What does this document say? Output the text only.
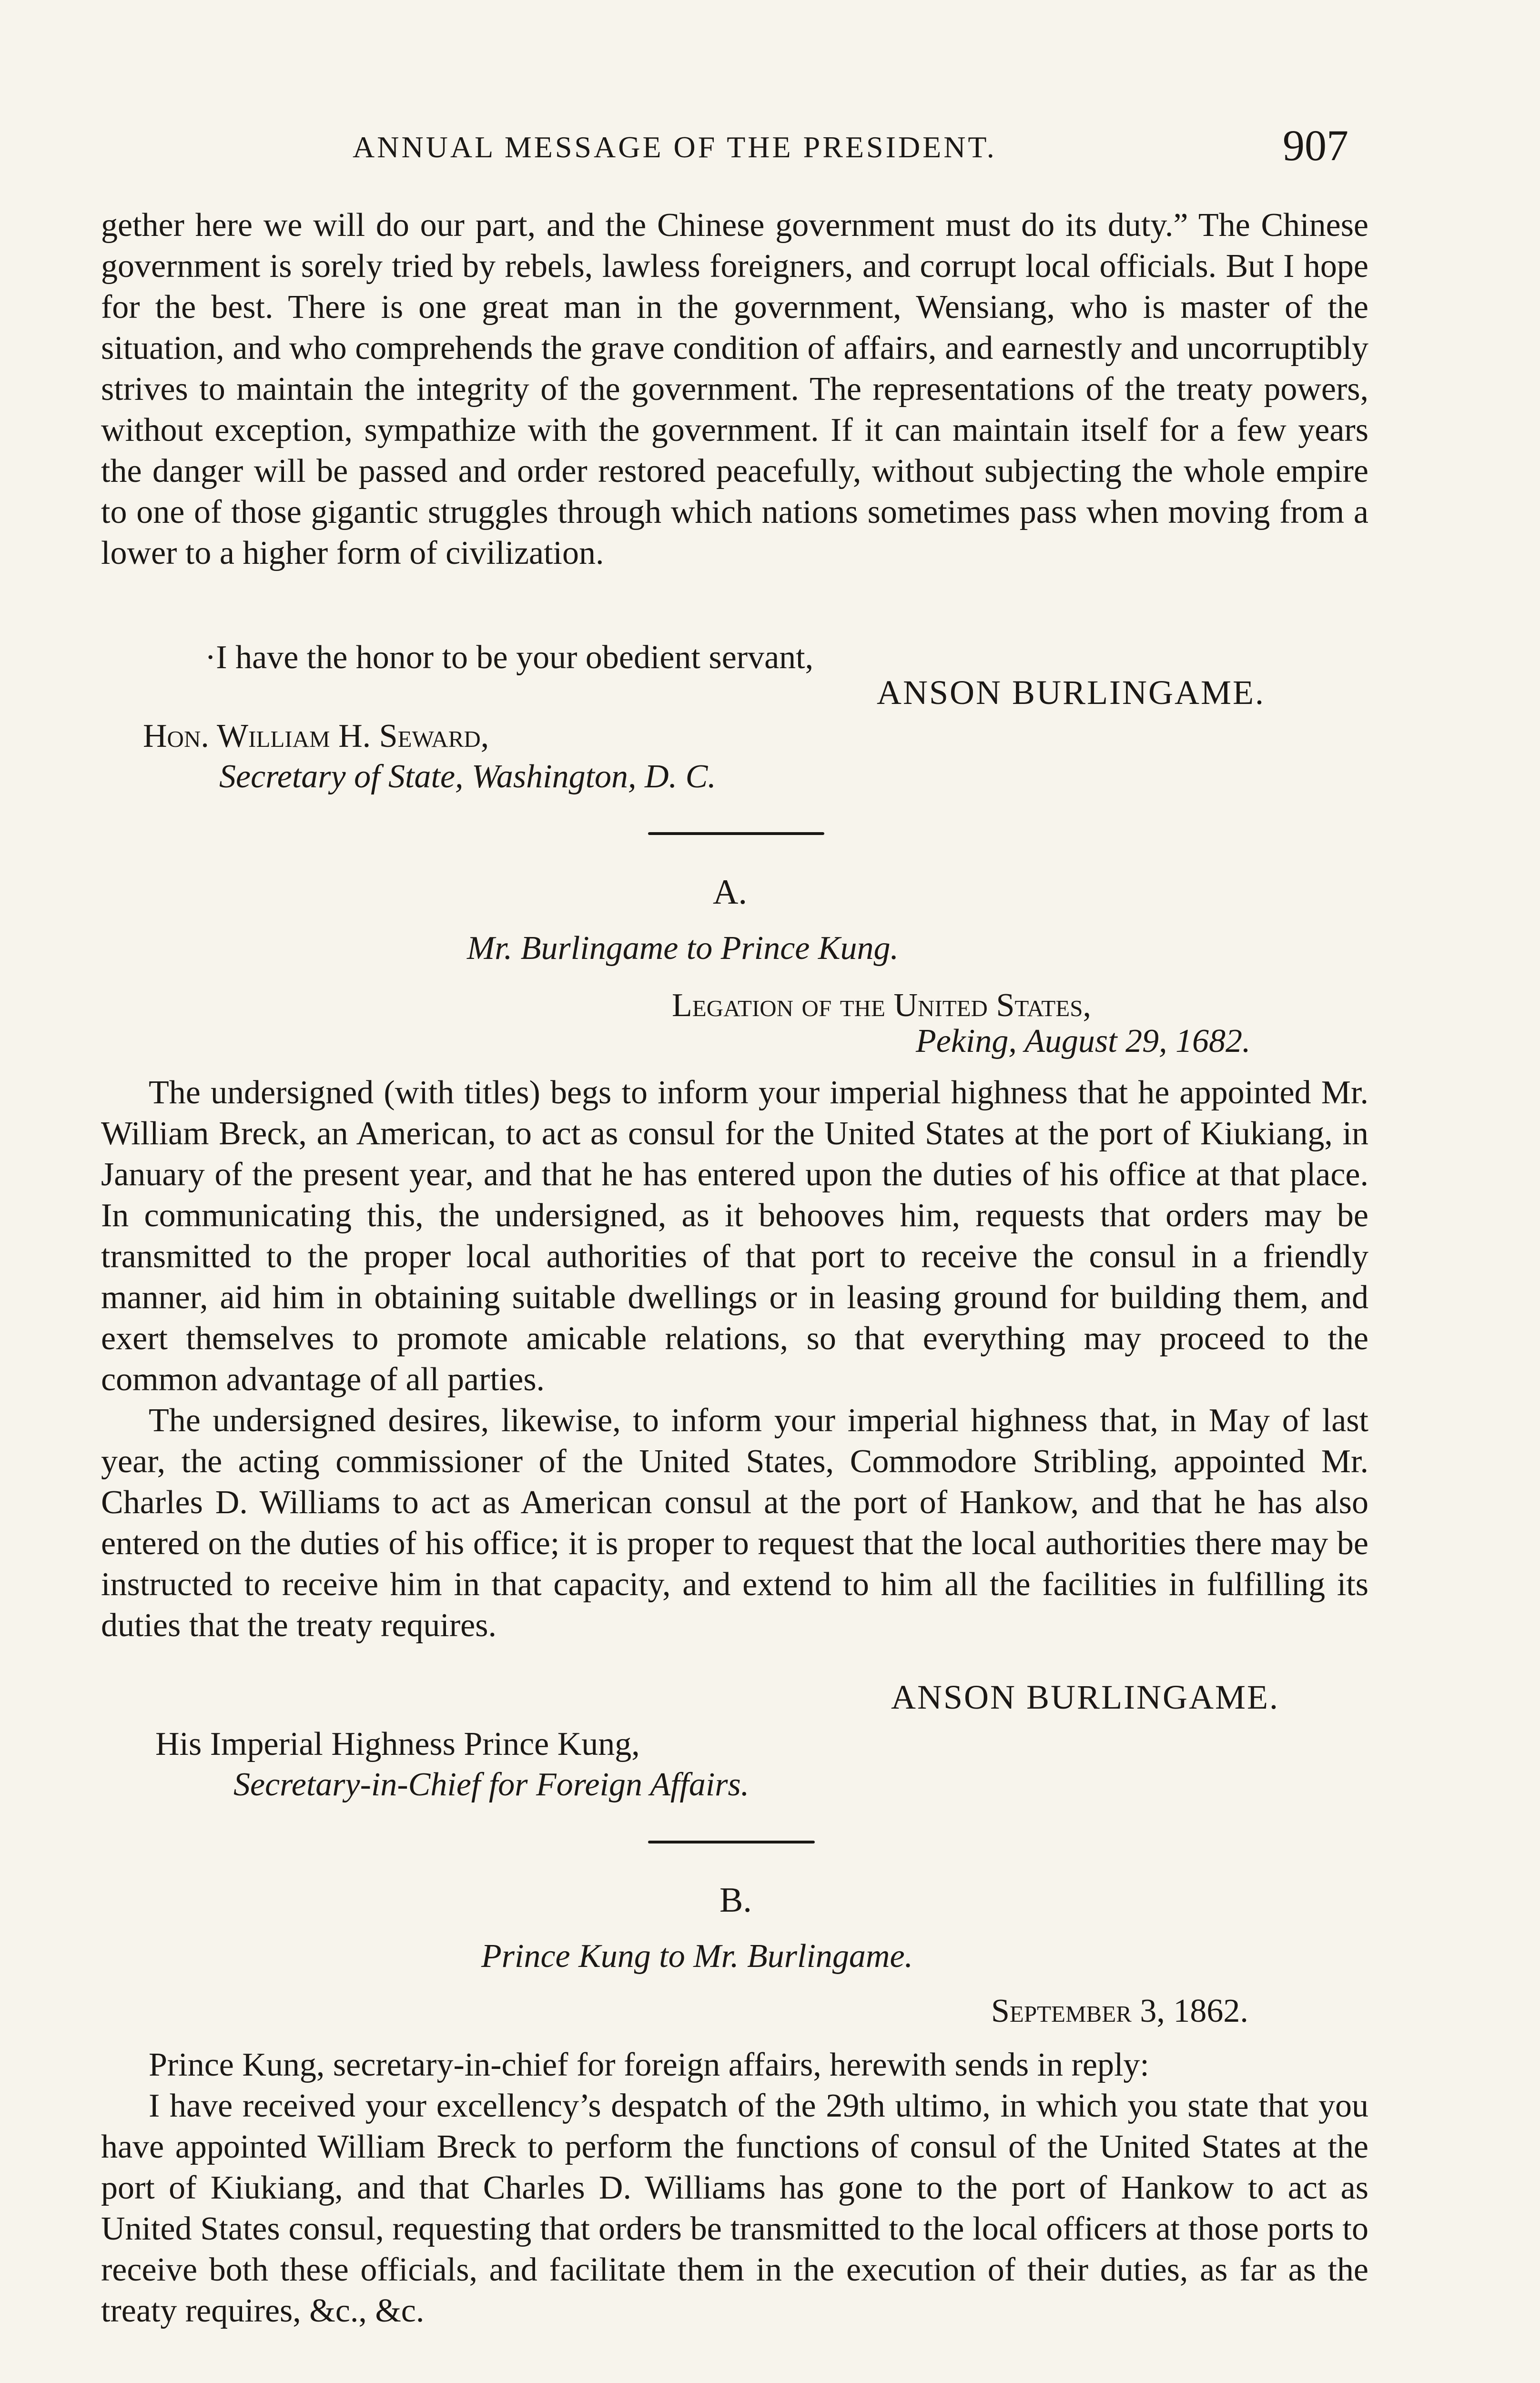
ANNUAL MESSAGE OF THE PRESIDENT.	907

gether here we will do our part, and the Chinese government must do its duty.” The Chinese government is sorely tried by rebels, lawless foreigners, and corrupt local officials. But I hope for the best. There is one great man in the government, Wensiang, who is master of the situation, and who comprehends the grave condition of affairs, and earnestly and uncorruptibly strives to maintain the integrity of the government. The representations of the treaty powers, without exception, sympathize with the government. If it can maintain itself for a few years the danger will be passed and order restored peacefully, without subjecting the whole empire to one of those gigantic struggles through which nations sometimes pass when moving from a lower to a higher form of civilization.

·I have the honor to be your obedient servant,
ANSON BURLINGAME.
Hon. William H. Seward,
Secretary of State, Washington, D. C.
A.
Mr. Burlingame to Prince Kung.
Legation of the United States,
Peking, August 29, 1682.

The undersigned (with titles) begs to inform your imperial highness that he appointed Mr. William Breck, an American, to act as consul for the United States at the port of Kiukiang, in January of the present year, and that he has entered upon the duties of his office at that place. In communicating this, the undersigned, as it behooves him, requests that orders may be transmitted to the proper local authorities of that port to receive the consul in a friendly manner, aid him in obtaining suitable dwellings or in leasing ground for building them, and exert themselves to promote amicable relations, so that everything may proceed to the common advantage of all parties.

The undersigned desires, likewise, to inform your imperial highness that, in May of last year, the acting commissioner of the United States, Commodore Stribling, appointed Mr. Charles D. Williams to act as American consul at the port of Hankow, and that he has also entered on the duties of his office; it is proper to request that the local authorities there may be instructed to receive him in that capacity, and extend to him all the facilities in fulfilling its duties that the treaty requires.

ANSON BURLINGAME.
His Imperial Highness Prince Kung,
Secretary-in-Chief for Foreign Affairs.
B.
Prince Kung to Mr. Burlingame.
September 3, 1862.

Prince Kung, secretary-in-chief for foreign affairs, herewith sends in reply:

I have received your excellency’s despatch of the 29th ultimo, in which you state that you have appointed William Breck to perform the functions of consul of the United States at the port of Kiukiang, and that Charles D. Williams has gone to the port of Hankow to act as United States consul, requesting that orders be transmitted to the local officers at those ports to receive both these officials, and facilitate them in the execution of their duties, as far as the treaty requires, &c., &c.
